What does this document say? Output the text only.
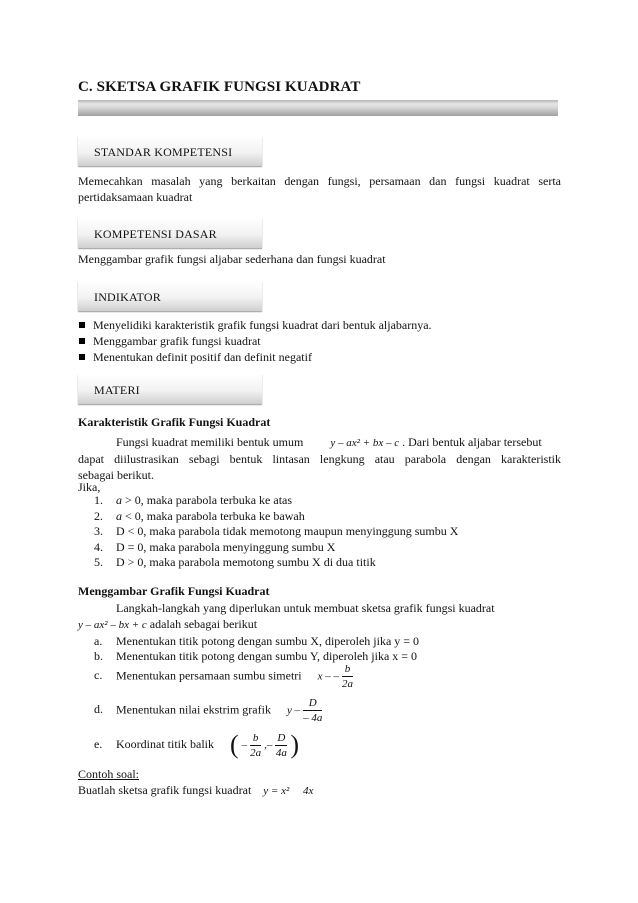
C. SKETSA GRAFIK FUNGSI KUADRAT
STANDAR KOMPETENSI
Memecahkan masalah yang berkaitan dengan fungsi, persamaan dan fungsi kuadrat serta
pertidaksamaan kuadrat
KOMPETENSI DASAR
Menggambar grafik fungsi aljabar sederhana dan fungsi kuadrat
INDIKATOR
Menyelidiki karakteristik grafik fungsi kuadrat dari bentuk aljabarnya.
Menggambar grafik fungsi kuadrat
Menentukan definit positif dan definit negatif
MATERI
Karakteristik Grafik Fungsi Kuadrat
Fungsi kuadrat memiliki bentuk umum y – ax² + bx – c . Dari bentuk aljabar tersebut
dapat diilustrasikan sebagi bentuk lintasan lengkung atau parabola dengan karakteristik
sebagai berikut.
Jika,
1. a > 0, maka parabola terbuka ke atas
2. a < 0, maka parabola terbuka ke bawah
3. D < 0, maka parabola tidak memotong maupun menyinggung sumbu X
4. D = 0, maka parabola menyinggung sumbu X
5. D > 0, maka parabola memotong sumbu X di dua titik
Menggambar Grafik Fungsi Kuadrat
Langkah-langkah yang diperlukan untuk membuat sketsa grafik fungsi kuadrat
y – ax² – bx + c adalah sebagai berikut
a. Menentukan titik potong dengan sumbu X, diperoleh jika y = 0
b. Menentukan titik potong dengan sumbu Y, diperoleh jika x = 0
c. Menentukan persamaan sumbu simetri x – – $\frac{b}{2a}$
d. Menentukan nilai ekstrim grafik y – $\frac{D}{- 4a}$
e. Koordinat titik balik ( – $\frac{b}{2a}$ ,– $\frac{D}{4a}$ )
Contoh soal:
Buatlah sketsa grafik fungsi kuadrat y = x²     4x
